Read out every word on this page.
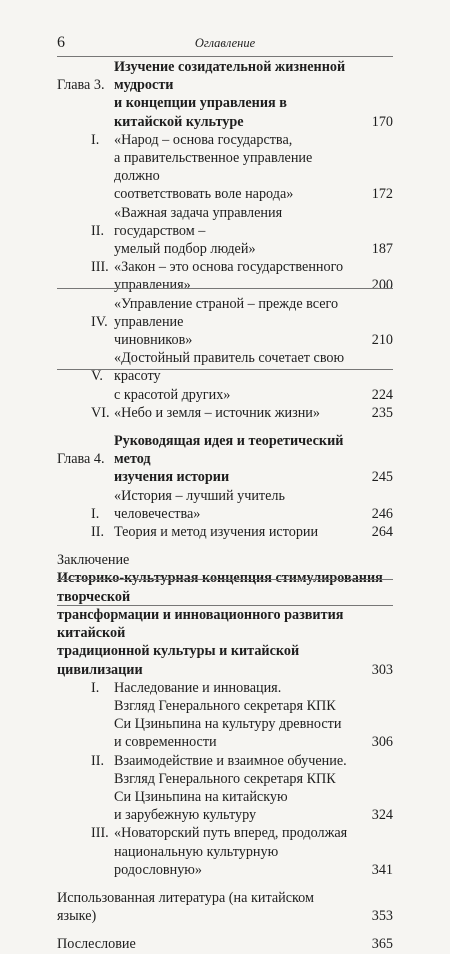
6	Оглавление
Глава 3.
Изучение созидательной жизненной мудрости
и концепции управления в китайской культуре	170
I.	«Народ – основа государства,
а правительственное управление должно
соответствовать воле народа»	172
II.
«Важная задача управления государством –
умелый подбор людей»	187
III. «Закон – это основа государственного
управления»	200
IV.
«Управление страной – прежде всего управление
чиновников»	210
V.
«Достойный правитель сочетает свою красоту
с красотой других»	224
VI. «Небо и земля – источник жизни»	235
Глава 4.
Руководящая идея и теоретический метод
изучения истории	245
I.
«История – лучший учитель человечества»	246
II. Теория и метод изучения истории	264
Заключение
Историко-культурная концепция стимулирования творческой
трансформации и инновационного развития китайской
традиционной культуры и китайской цивилизации	303
I.	Наследование и инновация.
Взгляд Генерального секретаря КПК
Си Цзиньпина на культуру древности
и современности	306
II. Взаимодействие и взаимное обучение.
Взгляд Генерального секретаря КПК
Си Цзиньпина на китайскую
и зарубежную культуру	324
III. «Новаторский путь вперед, продолжая
национальную культурную родословную»	341
Использованная литература (на китайском языке)	353
Послесловие	365
